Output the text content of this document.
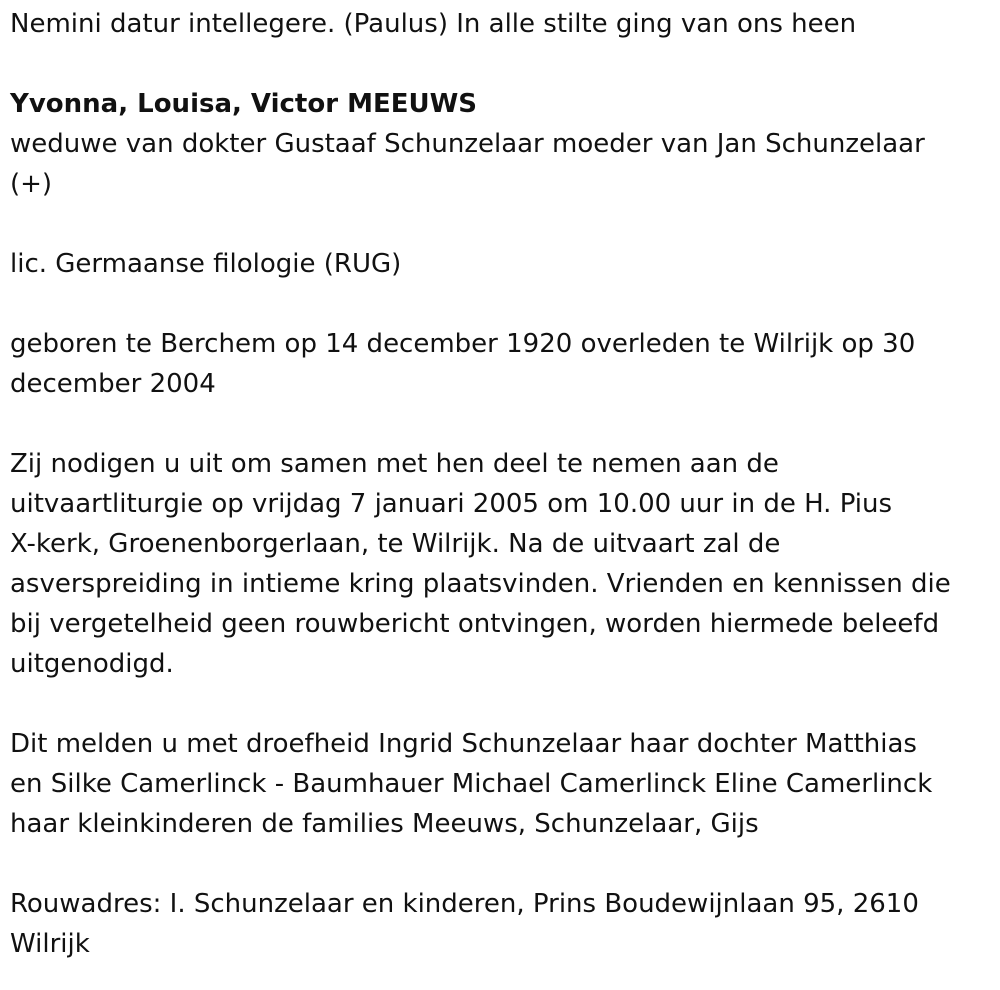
Nemini datur intellegere. (Paulus) In alle stilte ging van ons heen

Yvonna, Louisa, Victor MEEUWS

weduwe van dokter Gustaaf Schunzelaar moeder van Jan Schunzelaar

(+)

lic. Germaanse filologie (RUG)

geboren te Berchem op 14 december 1920 overleden te Wilrijk op 30

december 2004

Zij nodigen u uit om samen met hen deel te nemen aan de

uitvaartliturgie op vrijdag 7 januari 2005 om 10.00 uur in de H. Pius

X-kerk, Groenenborgerlaan, te Wilrijk. Na de uitvaart zal de

asverspreiding in intieme kring plaatsvinden. Vrienden en kennissen die

bij vergetelheid geen rouwbericht ontvingen, worden hiermede beleefd

uitgenodigd.

Dit melden u met droefheid Ingrid Schunzelaar haar dochter Matthias

en Silke Camerlinck - Baumhauer Michael Camerlinck Eline Camerlinck

haar kleinkinderen de families Meeuws, Schunzelaar, Gijs

Rouwadres: I. Schunzelaar en kinderen, Prins Boudewijnlaan 95, 2610

Wilrijk
